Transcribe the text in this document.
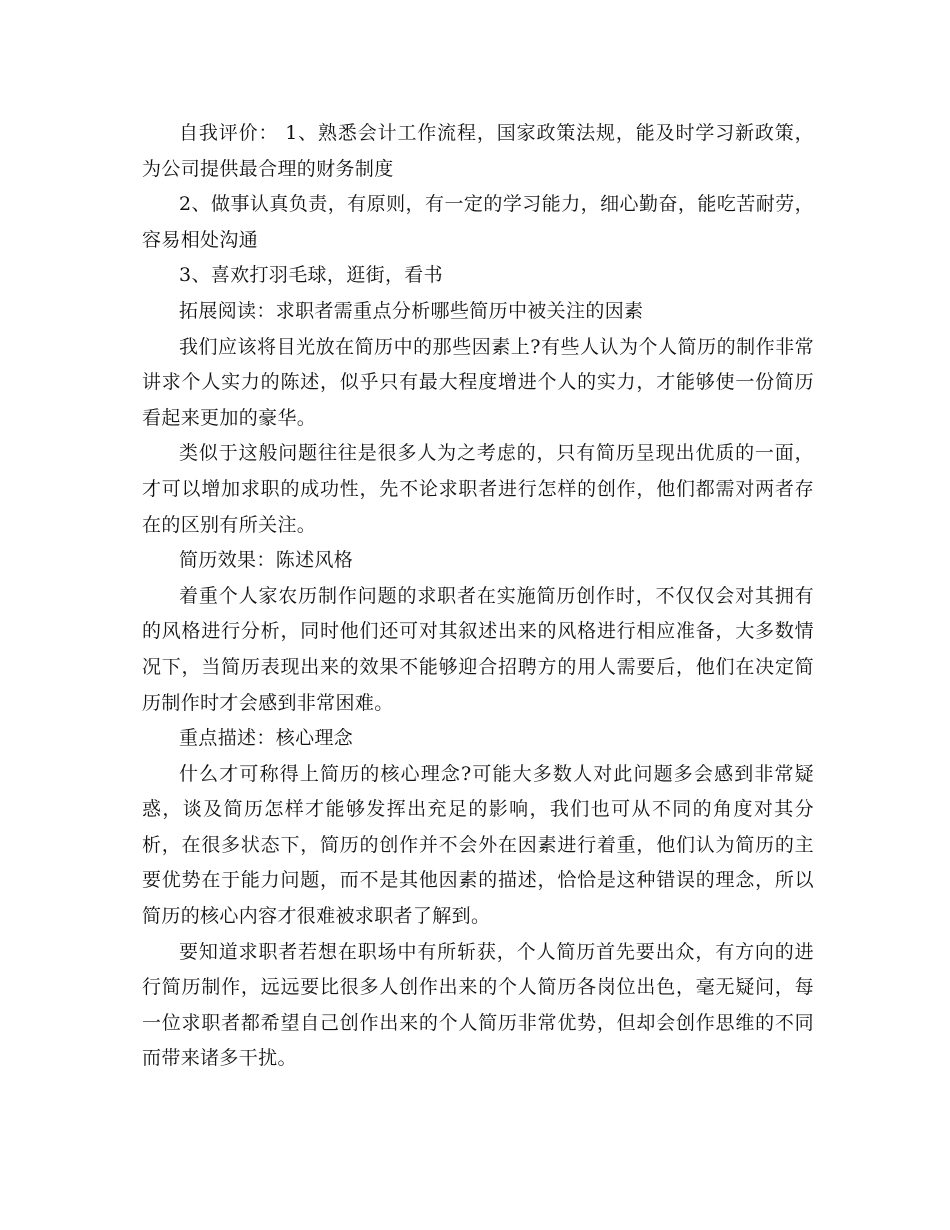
自我评价： 1、熟悉会计工作流程，国家政策法规，能及时学习新政策，为公司提供最合理的财务制度

2、做事认真负责，有原则，有一定的学习能力，细心勤奋，能吃苦耐劳，容易相处沟通

3、喜欢打羽毛球，逛街，看书

拓展阅读：求职者需重点分析哪些简历中被关注的因素

我们应该将目光放在简历中的那些因素上?有些人认为个人简历的制作非常讲求个人实力的陈述，似乎只有最大程度增进个人的实力，才能够使一份简历看起来更加的豪华。

类似于这般问题往往是很多人为之考虑的，只有简历呈现出优质的一面，才可以增加求职的成功性，先不论求职者进行怎样的创作，他们都需对两者存在的区别有所关注。

简历效果：陈述风格

着重个人家农历制作问题的求职者在实施简历创作时，不仅仅会对其拥有的风格进行分析，同时他们还可对其叙述出来的风格进行相应准备，大多数情况下，当简历表现出来的效果不能够迎合招聘方的用人需要后，他们在决定简历制作时才会感到非常困难。

重点描述：核心理念

什么才可称得上简历的核心理念?可能大多数人对此问题多会感到非常疑惑，谈及简历怎样才能够发挥出充足的影响，我们也可从不同的角度对其分析，在很多状态下，简历的创作并不会外在因素进行着重，他们认为简历的主要优势在于能力问题，而不是其他因素的描述，恰恰是这种错误的理念，所以简历的核心内容才很难被求职者了解到。

要知道求职者若想在职场中有所斩获，个人简历首先要出众，有方向的进行简历制作，远远要比很多人创作出来的个人简历各岗位出色，毫无疑问，每一位求职者都希望自己创作出来的个人简历非常优势，但却会创作思维的不同而带来诸多干扰。
